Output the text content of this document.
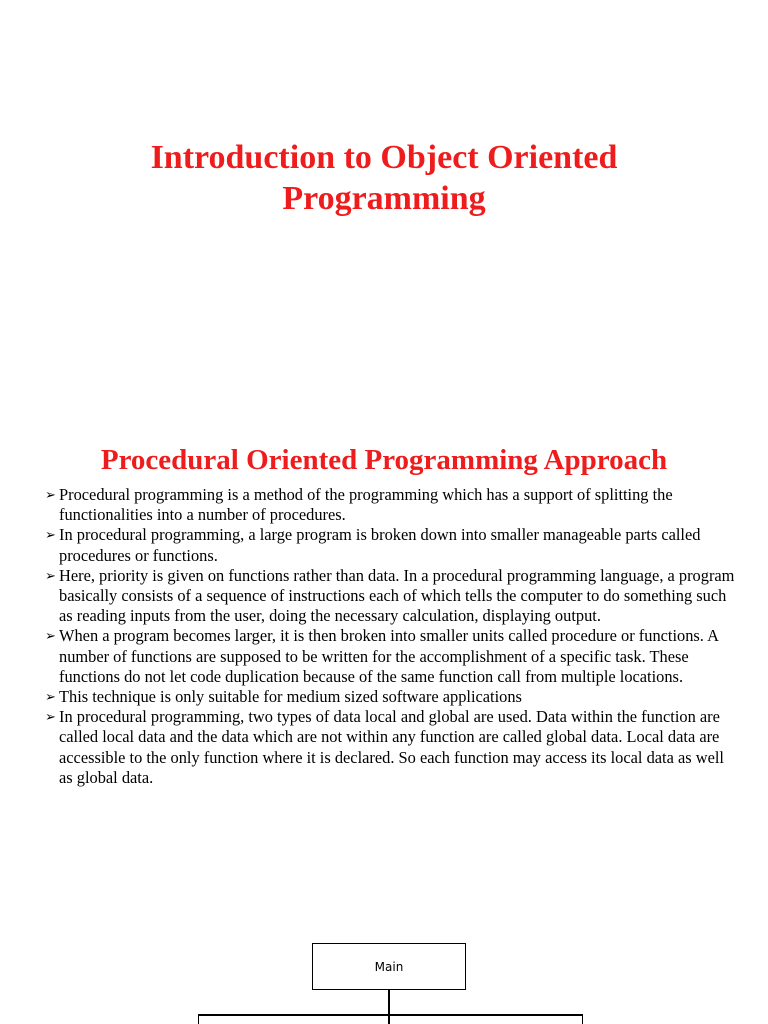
Introduction to Object Oriented
Programming
Procedural Oriented Programming Approach
➢ Procedural programming is a method of the programming which has a support of splitting the functionalities into a number of procedures.
➢ In procedural programming, a large program is broken down into smaller manageable parts called procedures or functions.
➢ Here, priority is given on functions rather than data. In a procedural programming language, a program basically consists of a sequence of instructions each of which tells the computer to do something such as reading inputs from the user, doing the necessary calculation, displaying output.
➢ When a program becomes larger, it is then broken into smaller units called procedure or functions. A number of functions are supposed to be written for the accomplishment of a specific task. These functions do not let code duplication because of the same function call from multiple locations.
➢ This technique is only suitable for medium sized software applications
➢ In procedural programming, two types of data local and global are used. Data within the function are called local data and the data which are not within any function are called global data. Local data are accessible to the only function where it is declared. So each function may access its local data as well as global data.
Main
